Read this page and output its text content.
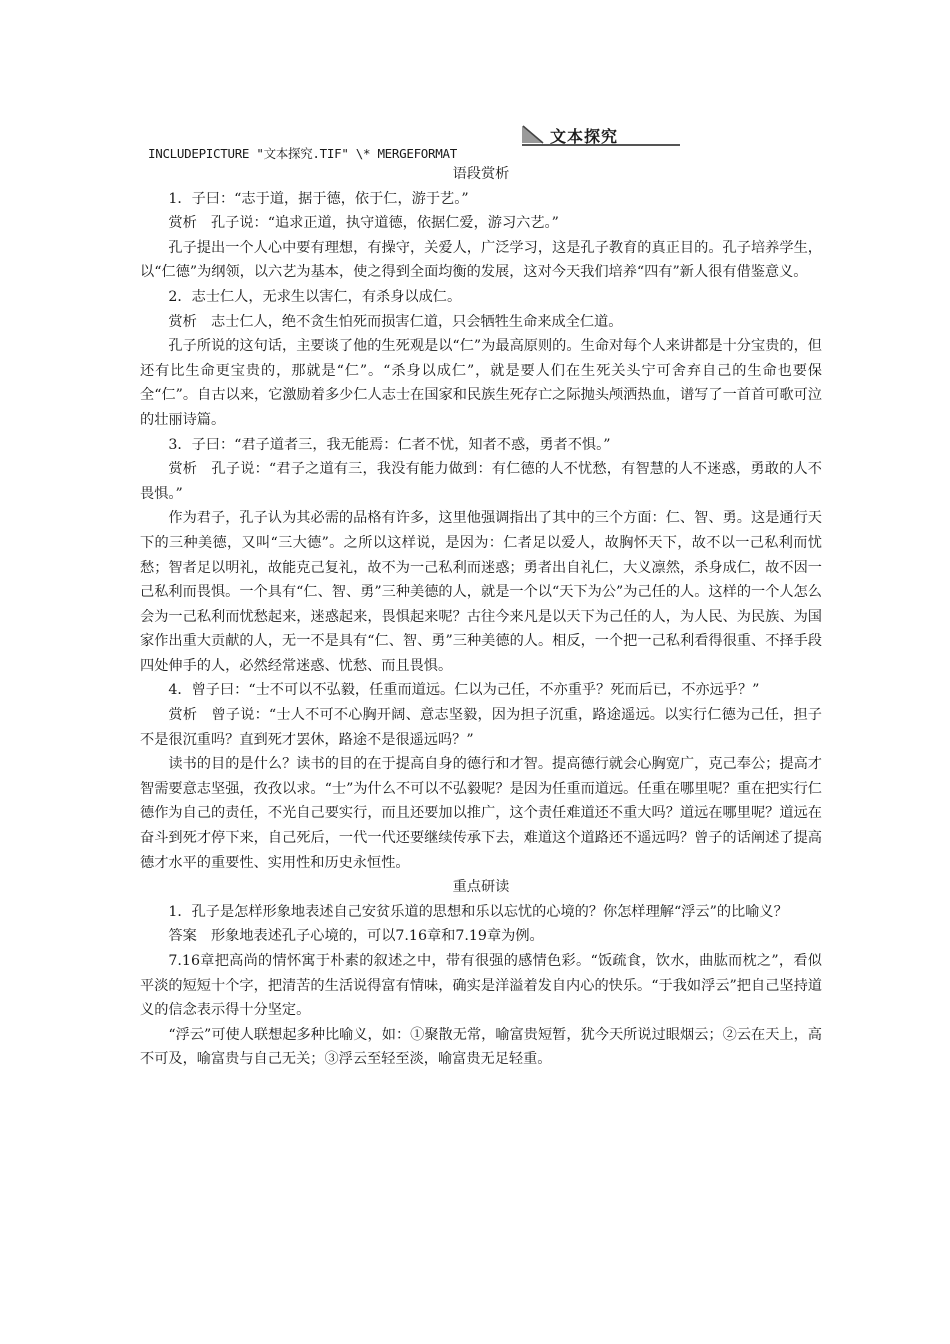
文本探究
INCLUDEPICTURE "文本探究.TIF" \* MERGEFORMAT

语段赏析

1．子曰：“志于道，据于德，依于仁，游于艺。”

赏析　孔子说：“追求正道，执守道德，依据仁爱，游习六艺。”

孔子提出一个人心中要有理想，有操守，关爱人，广泛学习，这是孔子教育的真正目的。孔子培养学生，以“仁德”为纲领，以六艺为基本，使之得到全面均衡的发展，这对今天我们培养“四有”新人很有借鉴意义。

2．志士仁人，无求生以害仁，有杀身以成仁。

赏析　志士仁人，绝不贪生怕死而损害仁道，只会牺牲生命来成全仁道。

孔子所说的这句话，主要谈了他的生死观是以“仁”为最高原则的。生命对每个人来讲都是十分宝贵的，但还有比生命更宝贵的，那就是“仁”。“杀身以成仁”，就是要人们在生死关头宁可舍弃自己的生命也要保全“仁”。自古以来，它激励着多少仁人志士在国家和民族生死存亡之际抛头颅洒热血，谱写了一首首可歌可泣的壮丽诗篇。

3．子曰：“君子道者三，我无能焉：仁者不忧，知者不惑，勇者不惧。”

赏析　孔子说：“君子之道有三，我没有能力做到：有仁德的人不忧愁，有智慧的人不迷惑，勇敢的人不畏惧。”

作为君子，孔子认为其必需的品格有许多，这里他强调指出了其中的三个方面：仁、智、勇。这是通行天下的三种美德，又叫“三大德”。之所以这样说，是因为：仁者足以爱人，故胸怀天下，故不以一己私利而忧愁；智者足以明礼，故能克己复礼，故不为一己私利而迷惑；勇者出自礼仁，大义凛然，杀身成仁，故不因一己私利而畏惧。一个具有“仁、智、勇”三种美德的人，就是一个以“天下为公”为己任的人。这样的一个人怎么会为一己私利而忧愁起来，迷惑起来，畏惧起来呢？古往今来凡是以天下为己任的人，为人民、为民族、为国家作出重大贡献的人，无一不是具有“仁、智、勇”三种美德的人。相反，一个把一己私利看得很重、不择手段四处伸手的人，必然经常迷惑、忧愁、而且畏惧。

4．曾子曰：“士不可以不弘毅，任重而道远。仁以为己任，不亦重乎？死而后已，不亦远乎？”

赏析　曾子说：“士人不可不心胸开阔、意志坚毅，因为担子沉重，路途遥远。以实行仁德为己任，担子不是很沉重吗？直到死才罢休，路途不是很遥远吗？”

读书的目的是什么？读书的目的在于提高自身的德行和才智。提高德行就会心胸宽广，克己奉公；提高才智需要意志坚强，孜孜以求。“士”为什么不可以不弘毅呢？是因为任重而道远。任重在哪里呢？重在把实行仁德作为自己的责任，不光自己要实行，而且还要加以推广，这个责任难道还不重大吗？道远在哪里呢？道远在奋斗到死才停下来，自己死后，一代一代还要继续传承下去，难道这个道路还不遥远吗？曾子的话阐述了提高德才水平的重要性、实用性和历史永恒性。

重点研读

1．孔子是怎样形象地表述自己安贫乐道的思想和乐以忘忧的心境的？你怎样理解“浮云”的比喻义？

答案　形象地表述孔子心境的，可以7.16章和7.19章为例。

7.16章把高尚的情怀寓于朴素的叙述之中，带有很强的感情色彩。“饭疏食，饮水，曲肱而枕之”，看似平淡的短短十个字，把清苦的生活说得富有情味，确实是洋溢着发自内心的快乐。“于我如浮云”把自己坚持道义的信念表示得十分坚定。

“浮云”可使人联想起多种比喻义，如：①聚散无常，喻富贵短暂，犹今天所说过眼烟云；②云在天上，高不可及，喻富贵与自己无关；③浮云至轻至淡，喻富贵无足轻重。
